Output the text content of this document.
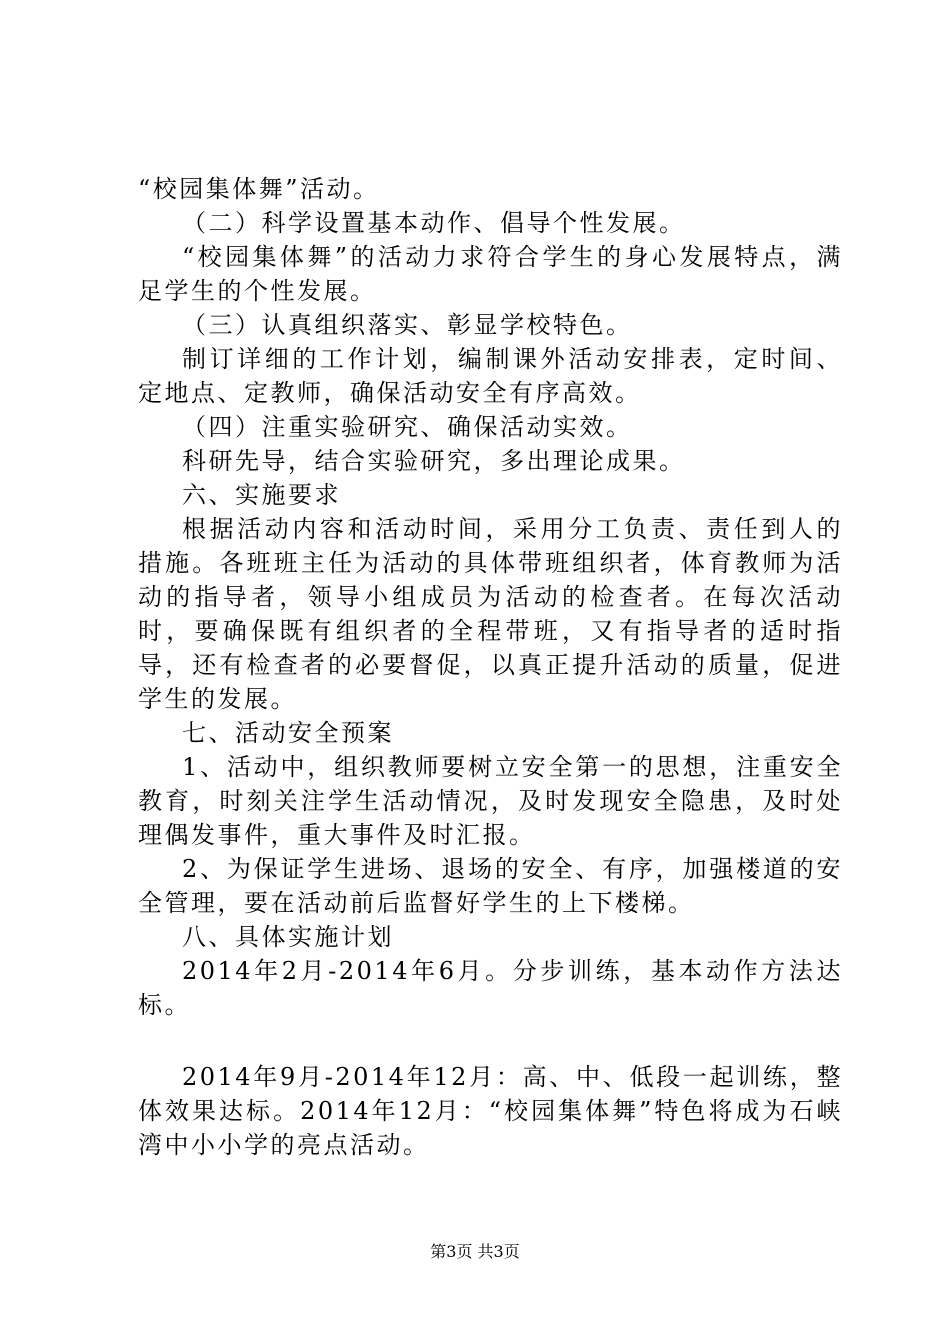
“校园集体舞”活动。

（二）科学设置基本动作、倡导个性发展。

“校园集体舞”的活动力求符合学生的身心发展特点，满足学生的个性发展。

（三）认真组织落实、彰显学校特色。

制订详细的工作计划，编制课外活动安排表，定时间、定地点、定教师，确保活动安全有序高效。

（四）注重实验研究、确保活动实效。

科研先导，结合实验研究，多出理论成果。

六、实施要求

根据活动内容和活动时间，采用分工负责、责任到人的措施。各班班主任为活动的具体带班组织者，体育教师为活动的指导者，领导小组成员为活动的检查者。在每次活动时，要确保既有组织者的全程带班，又有指导者的适时指导，还有检查者的必要督促，以真正提升活动的质量，促进学生的发展。

七、活动安全预案

1、活动中，组织教师要树立安全第一的思想，注重安全教育，时刻关注学生活动情况，及时发现安全隐患，及时处理偶发事件，重大事件及时汇报。

2、为保证学生进场、退场的安全、有序，加强楼道的安全管理，要在活动前后监督好学生的上下楼梯。

八、具体实施计划

2014年2月-2014年6月。分步训练，基本动作方法达标。

2014年9月-2014年12月：高、中、低段一起训练，整体效果达标。2014年12月：“校园集体舞”特色将成为石峡湾中小小学的亮点活动。

第3页 共3页
